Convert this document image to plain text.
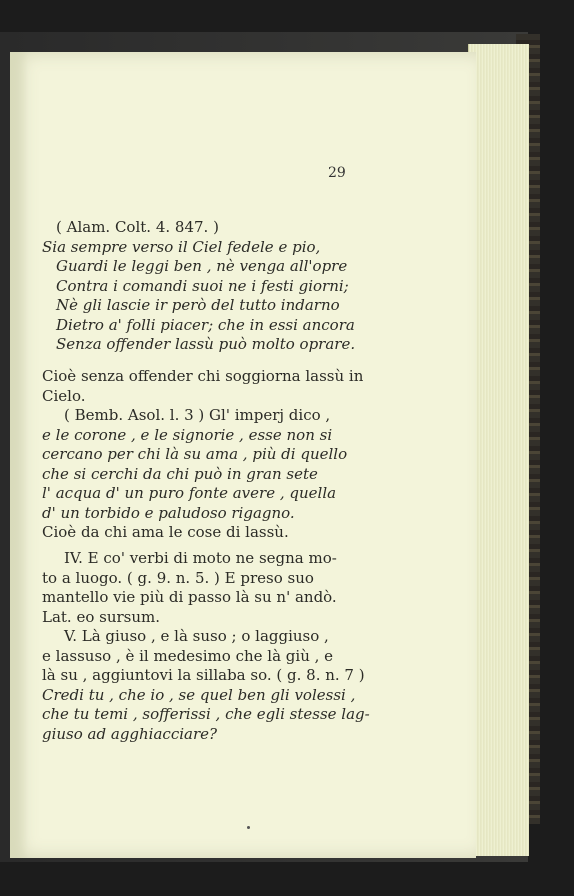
29
( Alam. Colt. 4. 847. )
Sia sempre verso il Ciel fedele e pio,
Guardi le leggi ben , nè venga all'opre
Contra i comandi suoi ne i festi giorni;
Nè gli lascie ir però del tutto indarno
Dietro a' folli piacer; che in essi ancora
Senza offender lassù può molto oprare.
Cioè senza offender chi soggiorna lassù in
Cielo.
( Bemb. Asol. l. 3 ) Gl' imperj dico ,
e le corone , e le signorie , esse non si
cercano per chi là su ama , più di quello
che si cerchi da chi può in gran sete
l' acqua d' un puro fonte avere , quella
d' un torbido e paludoso rigagno.
Cioè da chi ama le cose di lassù.
IV. E co' verbi di moto ne segna mo-
to a luogo. ( g. 9. n. 5. ) E preso suo
mantello vie più di passo là su n' andò.
Lat. eo sursum.
V. Là giuso , e là suso ; o laggiuso ,
e lassuso , è il medesimo che là giù , e
là su , aggiuntovi la sillaba so. ( g. 8. n. 7 )
Credi tu , che io , se quel ben gli volessi ,
che tu temi , sofferissi , che egli stesse lag-
giuso ad agghiacciare?
